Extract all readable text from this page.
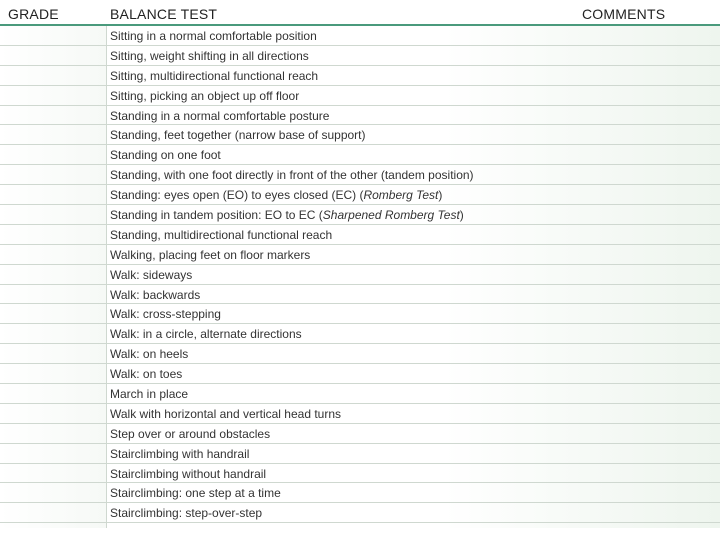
GRADE	BALANCE TEST	COMMENTS
Sitting in a normal comfortable position
Sitting, weight shifting in all directions
Sitting, multidirectional functional reach
Sitting, picking an object up off floor
Standing in a normal comfortable posture
Standing, feet together (narrow base of support)
Standing on one foot
Standing, with one foot directly in front of the other (tandem position)
Standing: eyes open (EO) to eyes closed (EC) (Romberg Test)
Standing in tandem position: EO to EC (Sharpened Romberg Test)
Standing, multidirectional functional reach
Walking, placing feet on floor markers
Walk: sideways
Walk: backwards
Walk: cross-stepping
Walk: in a circle, alternate directions
Walk: on heels
Walk: on toes
March in place
Walk with horizontal and vertical head turns
Step over or around obstacles
Stairclimbing with handrail
Stairclimbing without handrail
Stairclimbing: one step at a time
Stairclimbing: step-over-step
